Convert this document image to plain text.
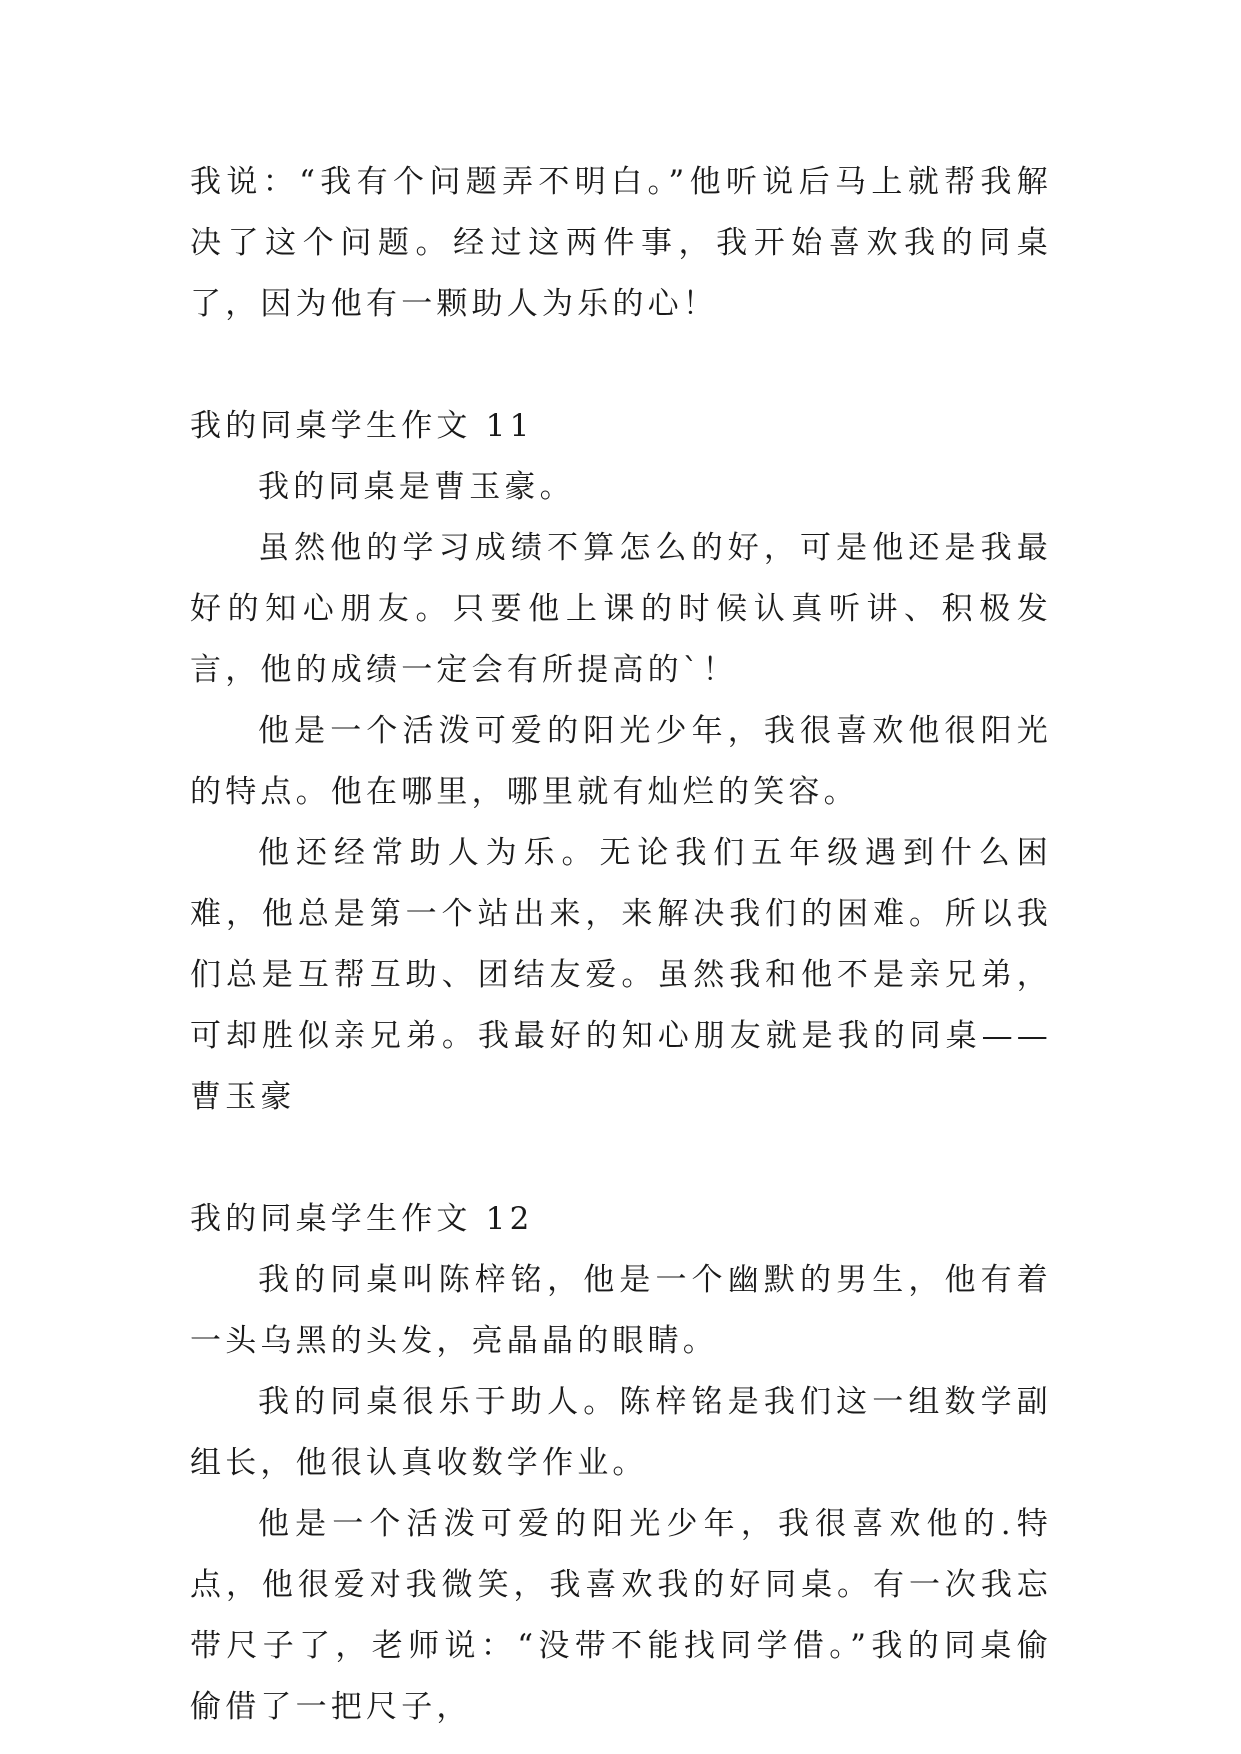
我说：“我有个问题弄不明白。”他听说后马上就帮我解决了这个问题。经过这两件事，我开始喜欢我的同桌了，因为他有一颗助人为乐的心！

我的同桌学生作文 11

我的同桌是曹玉豪。

虽然他的学习成绩不算怎么的好，可是他还是我最好的知心朋友。只要他上课的时候认真听讲、积极发言，他的成绩一定会有所提高的`！

他是一个活泼可爱的阳光少年，我很喜欢他很阳光的特点。他在哪里，哪里就有灿烂的笑容。

他还经常助人为乐。无论我们五年级遇到什么困难，他总是第一个站出来，来解决我们的困难。所以我们总是互帮互助、团结友爱。虽然我和他不是亲兄弟，可却胜似亲兄弟。我最好的知心朋友就是我的同桌——曹玉豪

我的同桌学生作文 12

我的同桌叫陈梓铭，他是一个幽默的男生，他有着一头乌黑的头发，亮晶晶的眼睛。

我的同桌很乐于助人。陈梓铭是我们这一组数学副组长，他很认真收数学作业。

他是一个活泼可爱的阳光少年，我很喜欢他的.特点，他很爱对我微笑，我喜欢我的好同桌。有一次我忘带尺子了，老师说：“没带不能找同学借。”我的同桌偷偷借了一把尺子，
